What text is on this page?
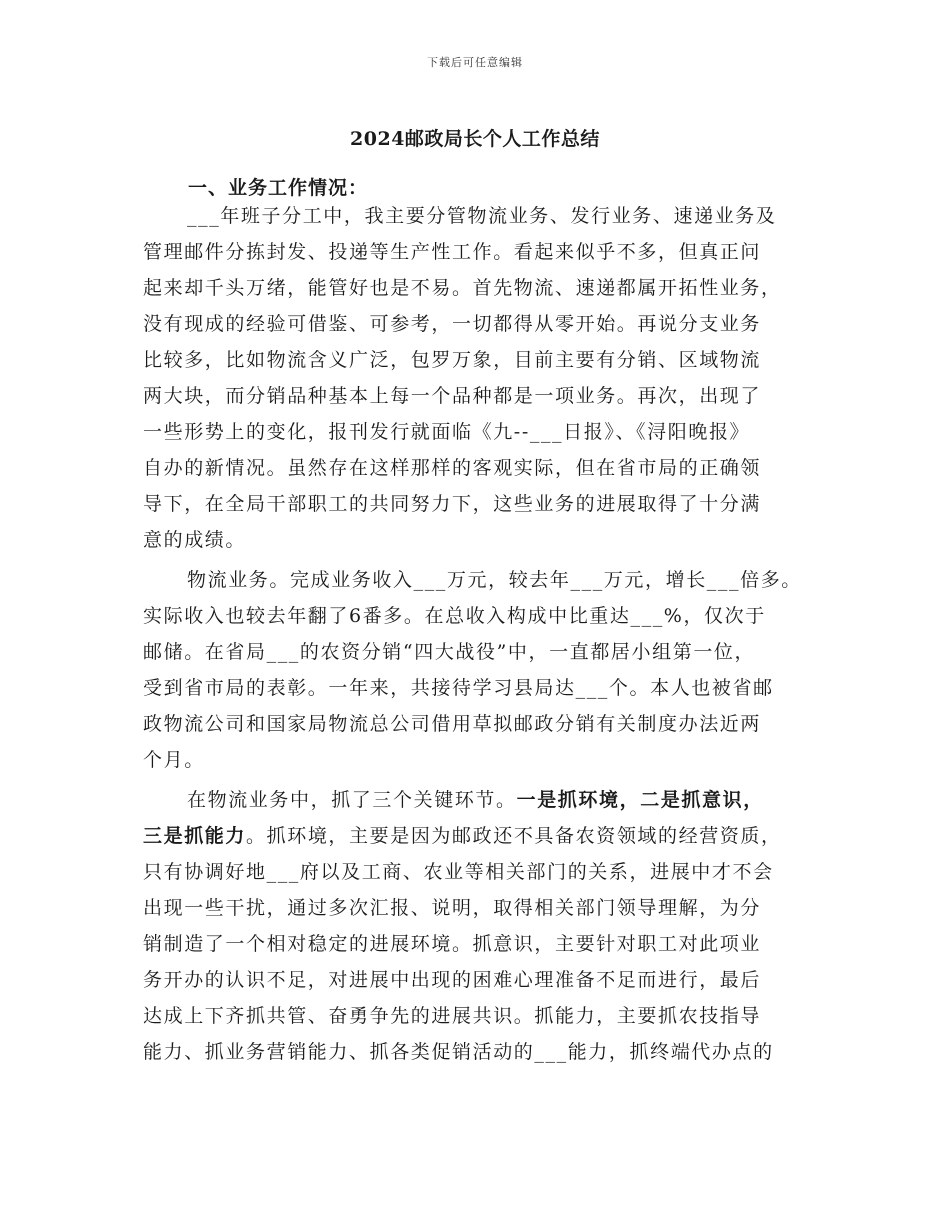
下载后可任意编辑
2024邮政局长个人工作总结
一、业务工作情况：
___年班子分工中，我主要分管物流业务、发行业务、速递业务及
管理邮件分拣封发、投递等生产性工作。看起来似乎不多，但真正问
起来却千头万绪，能管好也是不易。首先物流、速递都属开拓性业务，
没有现成的经验可借鉴、可参考，一切都得从零开始。再说分支业务
比较多，比如物流含义广泛，包罗万象，目前主要有分销、区域物流
两大块，而分销品种基本上每一个品种都是一项业务。再次，出现了
一些形势上的变化，报刊发行就面临《九--___日报》、《浔阳晚报》
自办的新情况。虽然存在这样那样的客观实际，但在省市局的正确领
导下，在全局干部职工的共同努力下，这些业务的进展取得了十分满
意的成绩。
物流业务。完成业务收入___万元，较去年___万元，增长___倍多。
实际收入也较去年翻了6番多。在总收入构成中比重达___%，仅次于
邮储。在省局___的农资分销“四大战役”中，一直都居小组第一位，
受到省市局的表彰。一年来，共接待学习县局达___个。本人也被省邮
政物流公司和国家局物流总公司借用草拟邮政分销有关制度办法近两
个月。
在物流业务中，抓了三个关键环节。一是抓环境，二是抓意识，
三是抓能力。抓环境，主要是因为邮政还不具备农资领域的经营资质，
只有协调好地___府以及工商、农业等相关部门的关系，进展中才不会
出现一些干扰，通过多次汇报、说明，取得相关部门领导理解，为分
销制造了一个相对稳定的进展环境。抓意识，主要针对职工对此项业
务开办的认识不足，对进展中出现的困难心理准备不足而进行，最后
达成上下齐抓共管、奋勇争先的进展共识。抓能力，主要抓农技指导
能力、抓业务营销能力、抓各类促销活动的___能力，抓终端代办点的
